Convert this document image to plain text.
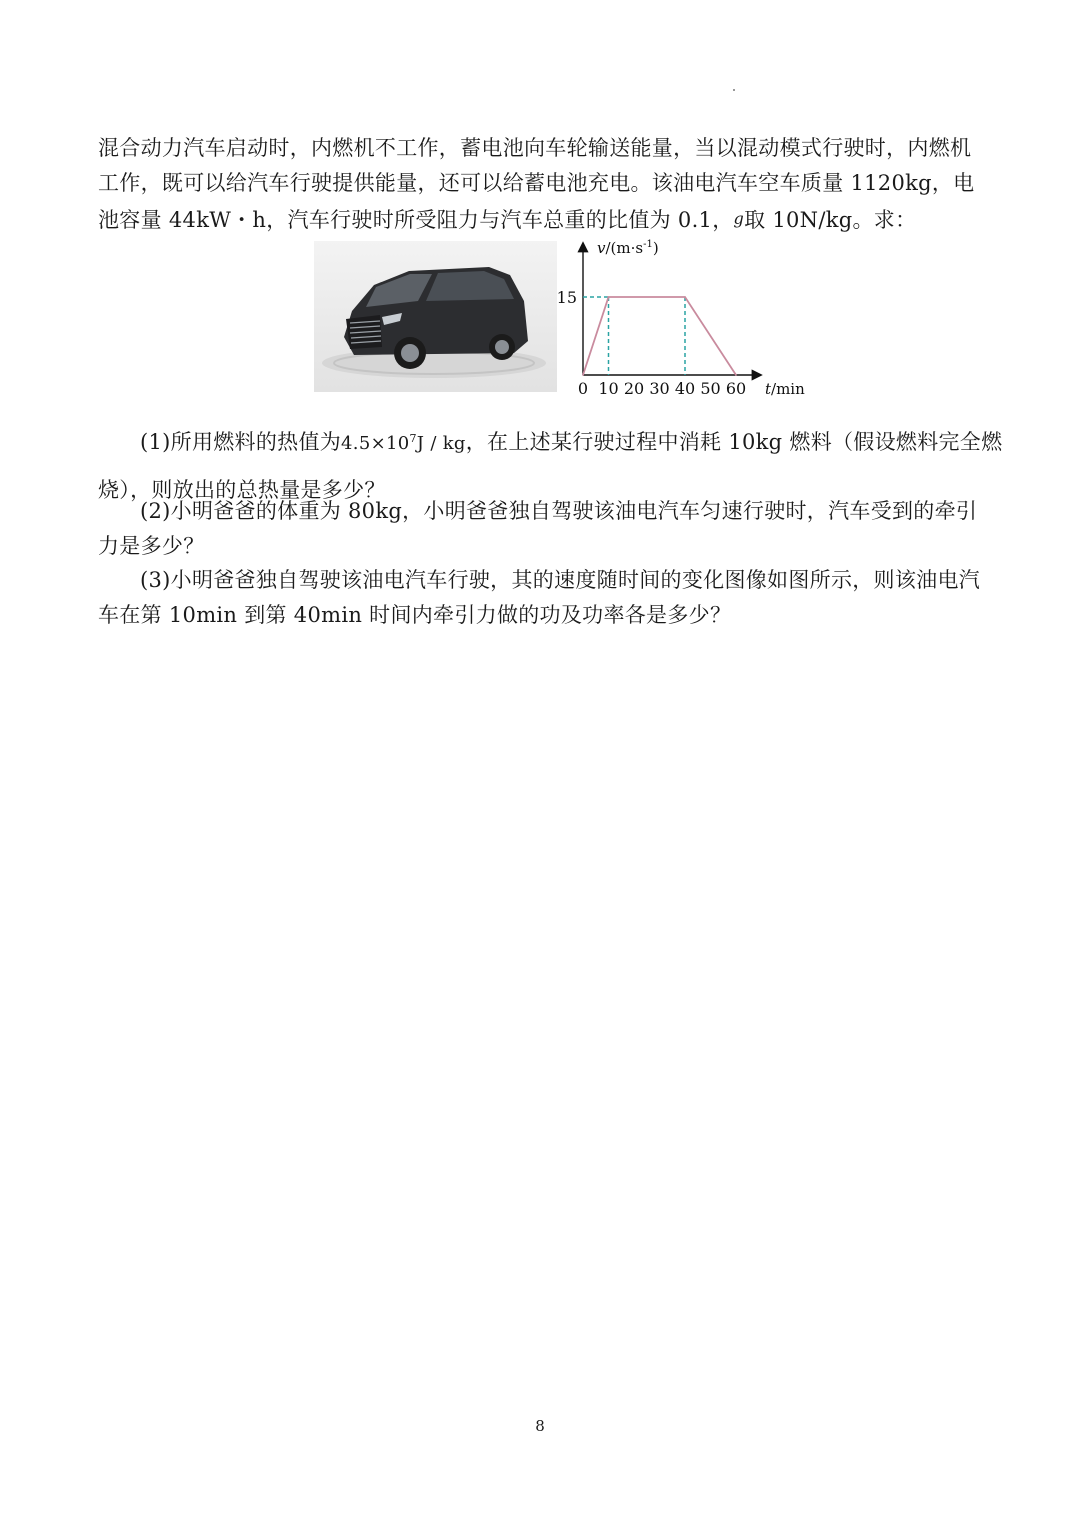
混合动力汽车启动时，内燃机不工作，蓄电池向车轮输送能量，当以混动模式行驶时，内燃机
工作，既可以给汽车行驶提供能量，还可以给蓄电池充电。该油电汽车空车质量 1120kg，电
池容量 44kW・h，汽车行驶时所受阻力与汽车总重的比值为 0.1，g取 10N/kg。求：
$v/(m\cdot s^{-1})$
0 10 20 30 40 50 60
15
t/min
(1)所用燃料的热值为$4.5\times 10^7J$ / kg，在上述某行驶过程中消耗 10kg 燃料（假设燃料完全燃
烧），则放出的总热量是多少？
(2)小明爸爸的体重为 80kg，小明爸爸独自驾驶该油电汽车匀速行驶时，汽车受到的牵引
力是多少？
(3)小明爸爸独自驾驶该油电汽车行驶，其的速度随时间的变化图像如图所示，则该油电汽
车在第 10min 到第 40min 时间内牵引力做的功及功率各是多少？
8
